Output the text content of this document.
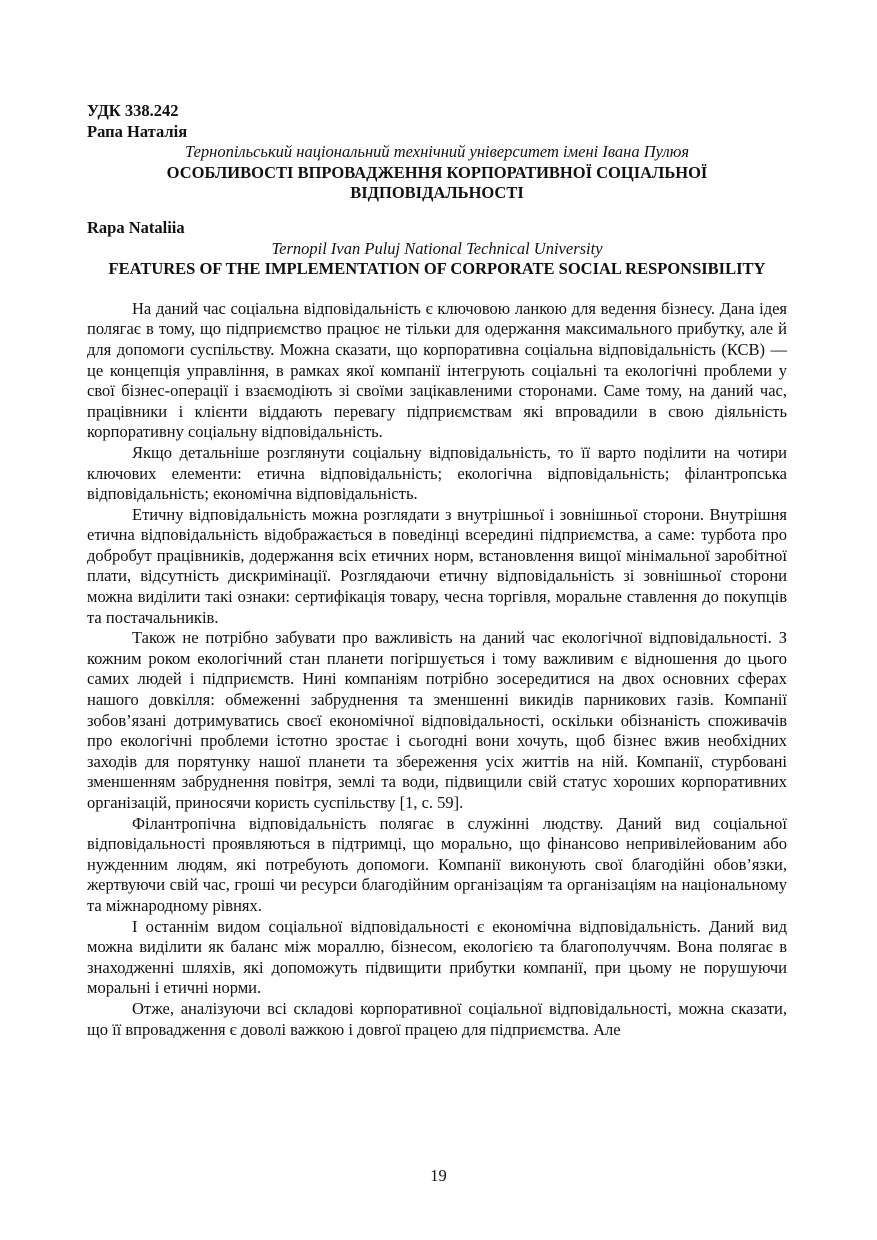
УДК 338.242

Рапа Наталія

Тернопільський національний технічний університет імені Івана Пулюя

ОСОБЛИВОСТІ ВПРОВАДЖЕННЯ КОРПОРАТИВНОЇ СОЦІАЛЬНОЇ ВІДПОВІДАЛЬНОСТІ

Rapa Nataliia

Ternopil Ivan Puluj National Technical University

FEATURES OF THE IMPLEMENTATION OF CORPORATE SOCIAL RESPONSIBILITY

На даний час соціальна відповідальність є ключовою ланкою для ведення бізнесу. Дана ідея полягає в тому, що підприємство працює не тільки для одержання максимального прибутку, але й для допомоги суспільству. Можна сказати, що корпоративна соціальна відповідальність (КСВ) — це концепція управління, в рамках якої компанії інтегрують соціальні та екологічні проблеми у свої бізнес-операції і взаємодіють зі своїми зацікавленими сторонами. Саме тому, на даний час, працівники і клієнти віддають перевагу підприємствам які впровадили в свою діяльність корпоративну соціальну відповідальність.

Якщо детальніше розглянути соціальну відповідальність, то її варто поділити на чотири ключових елементи: етична відповідальність; екологічна відповідальність; філантропська відповідальність; економічна відповідальність.

Етичну відповідальність можна розглядати з внутрішньої і зовнішньої сторони. Внутрішня етична відповідальність відображається в поведінці всередині підприємства, а саме: турбота про добробут працівників, додержання всіх етичних норм, встановлення вищої мінімальної заробітної плати, відсутність дискримінації. Розглядаючи етичну відповідальність зі зовнішньої сторони можна виділити такі ознаки: сертифікація товару, чесна торгівля, моральне ставлення до покупців та постачальників.

Також не потрібно забувати про важливість на даний час екологічної відповідальності. З кожним роком екологічний стан планети погіршується і тому важливим є відношення до цього самих людей і підприємств. Нині компаніям потрібно зосередитися на двох основних сферах нашого довкілля: обмеженні забруднення та зменшенні викидів парникових газів. Компанії зобов’язані дотримуватись своєї економічної відповідальності, оскільки обізнаність споживачів про екологічні проблеми істотно зростає і сьогодні вони хочуть, щоб бізнес вжив необхідних заходів для порятунку нашої планети та збереження усіх життів на ній. Компанії, стурбовані зменшенням забруднення повітря, землі та води, підвищили свій статус хороших корпоративних організацій, приносячи користь суспільству [1, с. 59].

Філантропічна відповідальність полягає в служінні людству. Даний вид соціальної відповідальності проявляються в підтримці, що морально, що фінансово непривілейованим або нужденним людям, які потребують допомоги. Компанії виконують свої благодійні обов’язки, жертвуючи свій час, гроші чи ресурси благодійним організаціям та організаціям на національному та міжнародному рівнях.

І останнім видом соціальної відповідальності є економічна відповідальність. Даний вид можна виділити як баланс між мораллю, бізнесом, екологією та благополуччям. Вона полягає в знаходженні шляхів, які допоможуть підвищити прибутки компанії, при цьому не порушуючи моральні і етичні норми.

Отже, аналізуючи всі складові корпоративної соціальної відповідальності, можна сказати, що її впровадження є доволі важкою і довгої працею для підприємства. Але

19
